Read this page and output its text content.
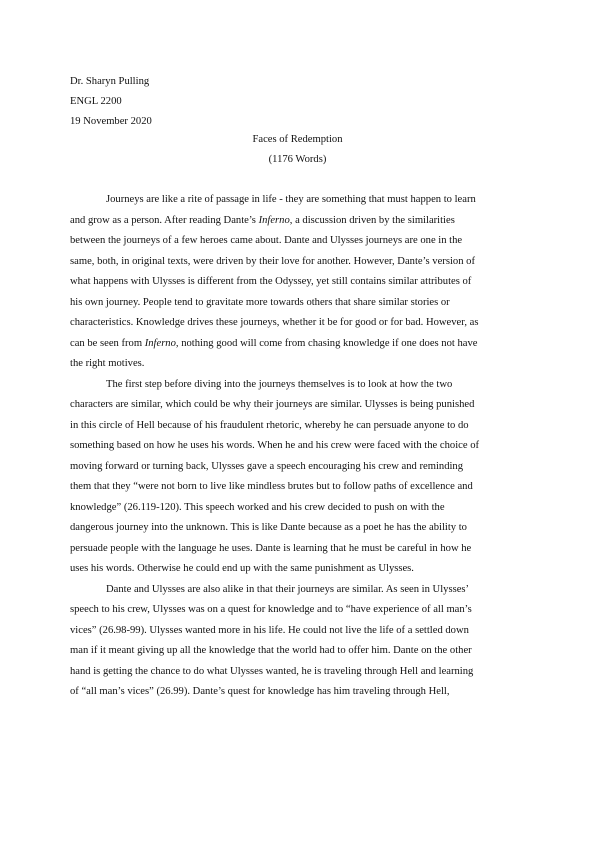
Dr. Sharyn Pulling
ENGL 2200
19 November 2020
Faces of Redemption
(1176 Words)
Journeys are like a rite of passage in life - they are something that must happen to learn
and grow as a person. After reading Dante’s Inferno, a discussion driven by the similarities
between the journeys of a few heroes came about. Dante and Ulysses journeys are one in the
same, both, in original texts, were driven by their love for another. However, Dante’s version of
what happens with Ulysses is different from the Odyssey, yet still contains similar attributes of
his own journey. People tend to gravitate more towards others that share similar stories or
characteristics. Knowledge drives these journeys, whether it be for good or for bad. However, as
can be seen from Inferno, nothing good will come from chasing knowledge if one does not have
the right motives.
The first step before diving into the journeys themselves is to look at how the two
characters are similar, which could be why their journeys are similar. Ulysses is being punished
in this circle of Hell because of his fraudulent rhetoric, whereby he can persuade anyone to do
something based on how he uses his words. When he and his crew were faced with the choice of
moving forward or turning back, Ulysses gave a speech encouraging his crew and reminding
them that they “were not born to live like mindless brutes but to follow paths of excellence and
knowledge” (26.119-120). This speech worked and his crew decided to push on with the
dangerous journey into the unknown. This is like Dante because as a poet he has the ability to
persuade people with the language he uses. Dante is learning that he must be careful in how he
uses his words. Otherwise he could end up with the same punishment as Ulysses.
Dante and Ulysses are also alike in that their journeys are similar. As seen in Ulysses’
speech to his crew, Ulysses was on a quest for knowledge and to “have experience of all man’s
vices” (26.98-99). Ulysses wanted more in his life. He could not live the life of a settled down
man if it meant giving up all the knowledge that the world had to offer him. Dante on the other
hand is getting the chance to do what Ulysses wanted, he is traveling through Hell and learning
of “all man’s vices” (26.99). Dante’s quest for knowledge has him traveling through Hell,
